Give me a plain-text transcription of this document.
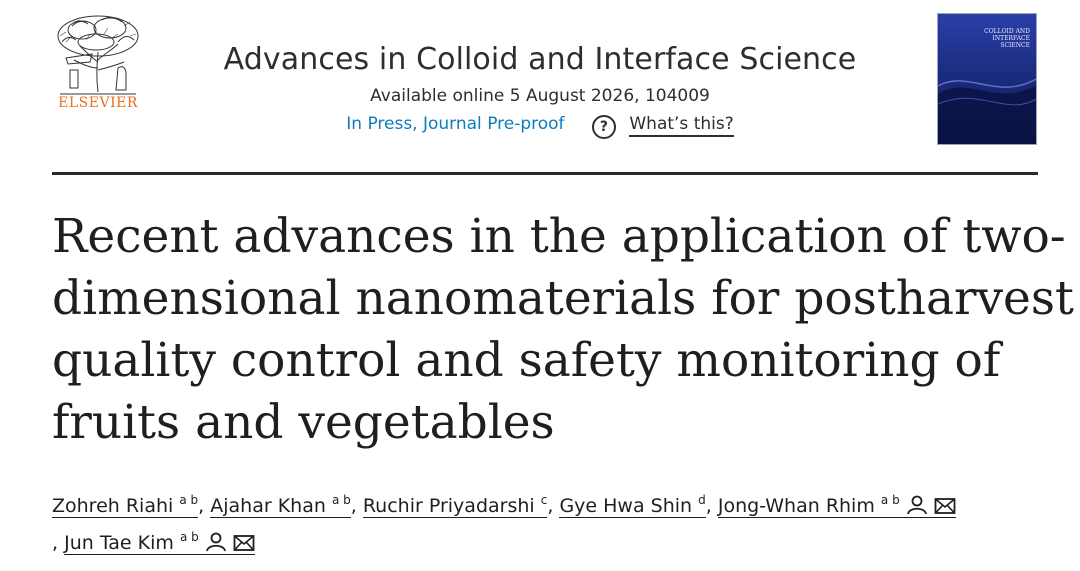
ELSEVIER
Advances in Colloid and Interface Science
Available online 5 August 2026, 104009
In Press, Journal Pre-proof	? What’s this?
COLLOID AND INTERFACE SCIENCE
Recent advances in the application of two-
dimensional nanomaterials for postharvest
quality control and safety monitoring of
fruits and vegetables
Zohreh Riahi $^{a b}$, Ajahar Khan $^{a b}$, Ruchir Priyadarshi $^c$, Gye Hwa Shin $^d$, Jong-Whan Rhim $^{a b}$
, Jun Tae Kim $^{a b}$
